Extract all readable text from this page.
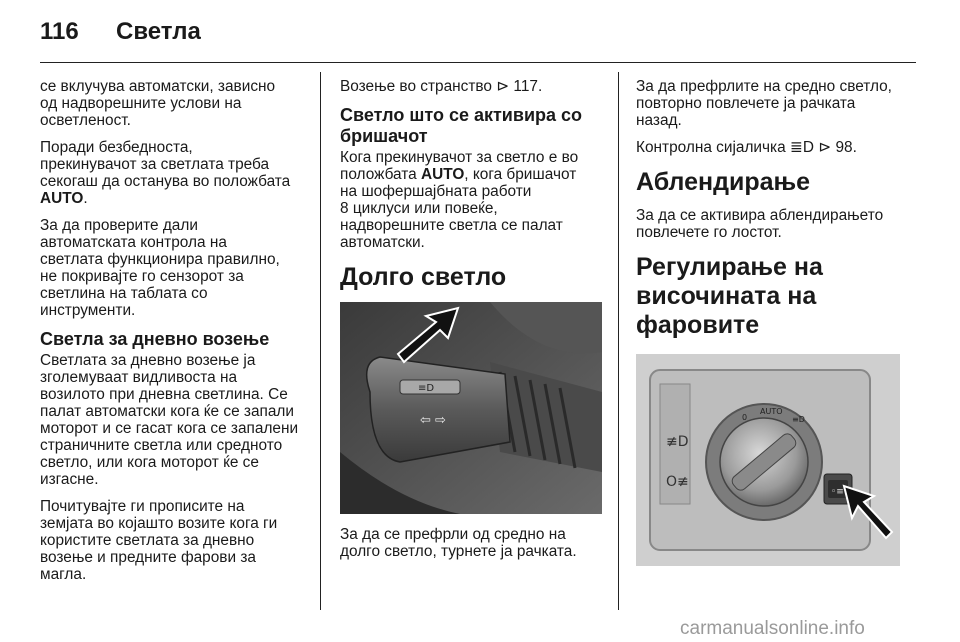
116 Светла

се вклучува автоматски, зависно
од надворешните услови на
осветленост.

Поради безбедноста,
прекинувачот за светлата треба
секогаш да останува во положбата
AUTO.

За да проверите дали
автоматската контрола на
светлата функционира правилно,
не покривајте го сензорот за
светлина на таблата со
инструменти.

Светла за дневно возење

Светлата за дневно возење ја
зголемуваат видливоста на
возилото при дневна светлина. Се
палат автоматски кога ќе се запали
моторот и се гасат кога се запалени
страничните светла или средното
светло, или кога моторот ќе се
изгасне.

Почитувајте ги прописите на
земјата во којашто возите кога ги
користите светлата за дневно
возење и предните фарови за
магла.

Возење во странство ⊳ 117.

Светло што се активира со бришачот

Кога прекинувачот за светло е во
положбата AUTO, кога бришачот
на шофершајбната работи
8 циклуси или повеќе,
надворешните светла се палат
автоматски.

Долго светло
≡D
⇦ ⇨

За да се префрли од средно на
долго светло, турнете ја рачката.

За да префрлите на средно светло,
повторно повлечете ја рачката
назад.

Контролна сијаличка ≣D ⊳ 98.

Аблендирање

За да се активира аблендирањето
повлечете го лостот.

Регулирање на
височината на фаровите
≢D
O≢
0
AUTO
≡D
◦≡
carmanualsonline.info
